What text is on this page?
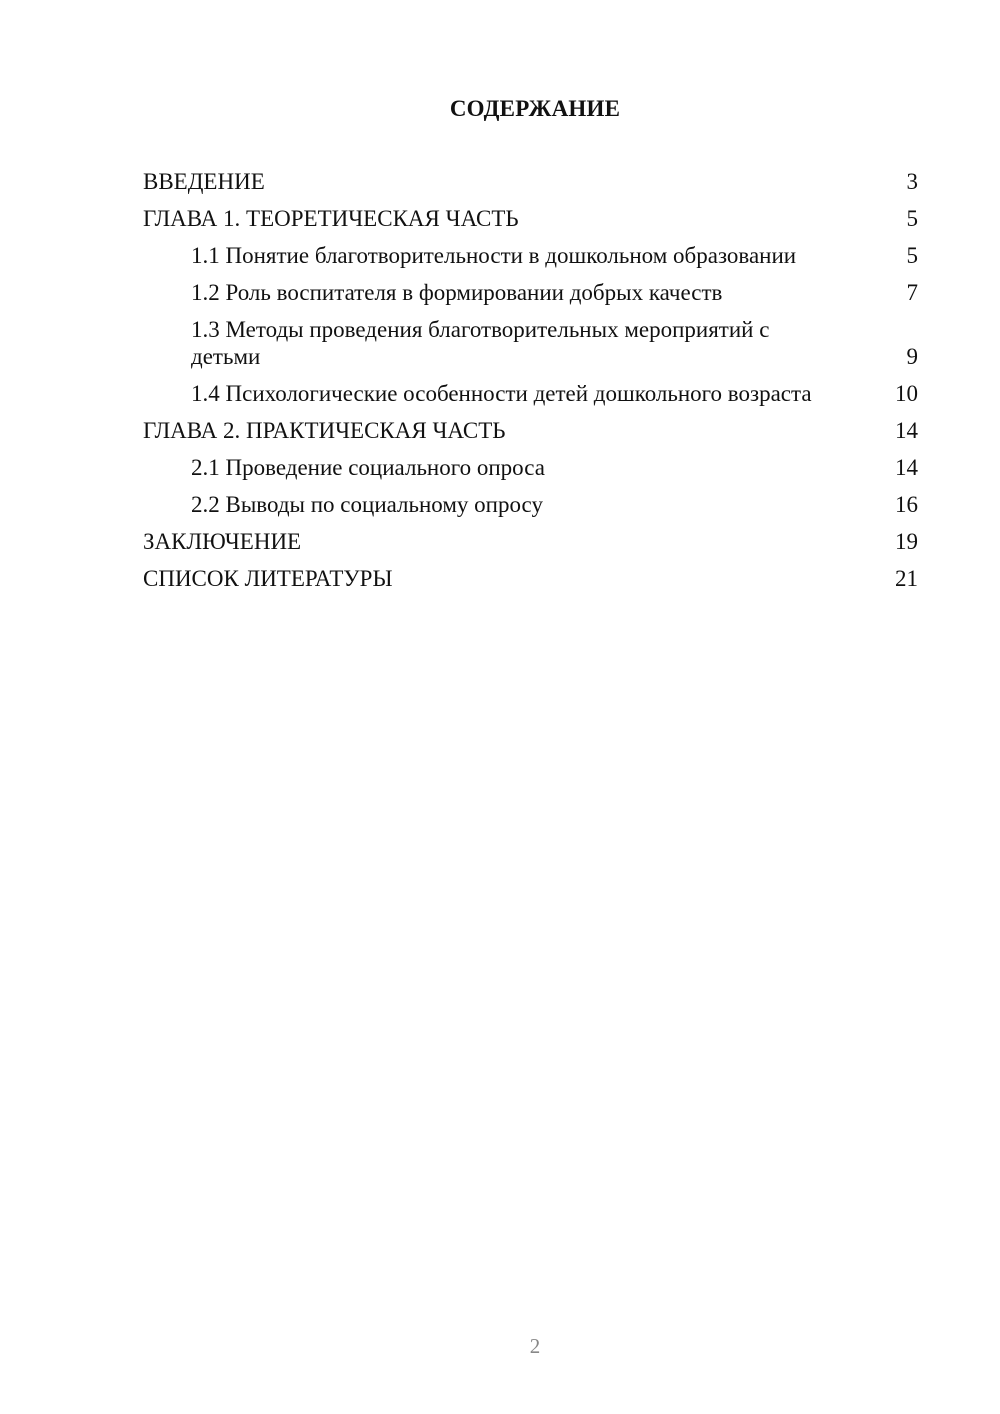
СОДЕРЖАНИЕ
ВВЕДЕНИЕ	3
ГЛАВА 1. ТЕОРЕТИЧЕСКАЯ ЧАСТЬ	5
1.1 Понятие благотворительности в дошкольном образовании	5
1.2 Роль воспитателя в формировании добрых качеств	7
1.3 Методы проведения благотворительных мероприятий с детьми	9
1.4 Психологические особенности детей дошкольного возраста	10
ГЛАВА 2. ПРАКТИЧЕСКАЯ ЧАСТЬ	14
2.1 Проведение социального опроса	14
2.2 Выводы по социальному опросу	16
ЗАКЛЮЧЕНИЕ	19
СПИСОК ЛИТЕРАТУРЫ	21
2
